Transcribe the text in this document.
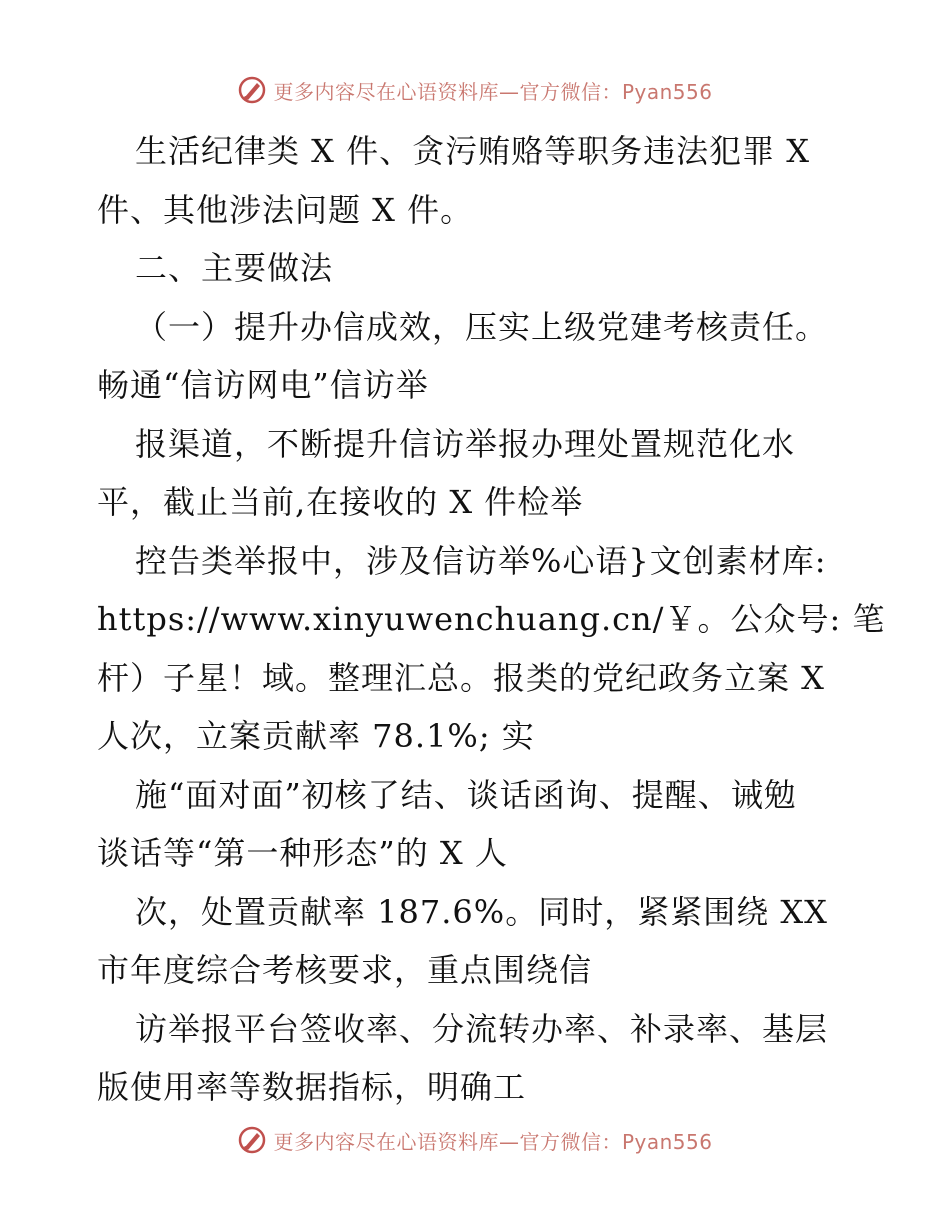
更多内容尽在心语资料库—官方微信：Pyan556
生活纪律类 X 件、贪污贿赂等职务违法犯罪 X
件、其他涉法问题 X 件。
二、主要做法
（一）提升办信成效，压实上级党建考核责任。
畅通“信访网电”信访举
报渠道，不断提升信访举报办理处置规范化水
平，截止当前,在接收的 X 件检举
控告类举报中，涉及信访举%心语}文创素材库:
https://www.xinyuwenchuang.cn/￥。公众号: 笔
杆）子星！域。整理汇总。报类的党纪政务立案 X
人次，立案贡献率 78.1%; 实
施“面对面”初核了结、谈话函询、提醒、诫勉
谈话等“第一种形态”的 X 人
次，处置贡献率 187.6%。同时，紧紧围绕 XX
市年度综合考核要求，重点围绕信
访举报平台签收率、分流转办率、补录率、基层
版使用率等数据指标，明确工
更多内容尽在心语资料库—官方微信：Pyan556
